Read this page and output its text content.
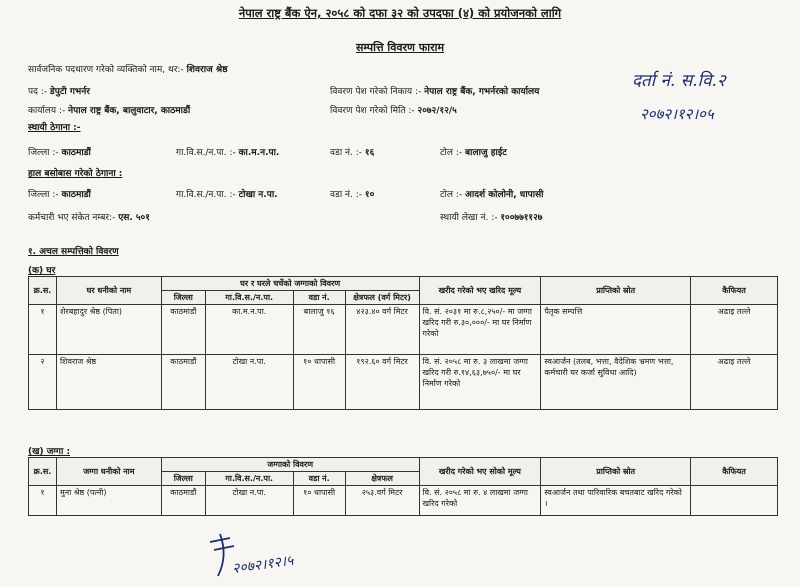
नेपाल राष्ट्र बैंक ऐन, २०५८ को दफा ३२ को उपदफा (४) को प्रयोजनको लागि
सम्पत्ति विवरण फाराम
सार्वजनिक पदधारण गरेको व्यक्तिको नाम, थर:- शिवराज श्रेष्ठ
पद :- डेपुटी गभर्नर	विवरण पेश गरेको निकाय :- नेपाल राष्ट्र बैंक, गभर्नरको कार्यालय
कार्यालय :- नेपाल राष्ट्र बैंक, बालुवाटार, काठमाडौं	विवरण पेश गरेको मिति :- २०७२/१२/५
दर्ता नं. स.वि.२
२०७२।१२।०५
स्थायी ठेगाना :-
जिल्ला :- काठमाडौं	गा.वि.स./न.पा. :- का.म.न.पा.	वडा नं. :- १६	टोल :- बालाजु हाईट
हाल बसोबास गरेको ठेगाना :
जिल्ला :- काठमाडौं	गा.वि.स./न.पा. :- टोखा न.पा.	वडा नं. :- १०	टोल :- आदर्श कोलोनी, धापासी
कर्मचारी भए संकेत नम्बर:- एस. ५०१	स्थायी लेखा नं. :- १००७७११२७
१. अचल सम्पत्तिको विवरण
(क) घर
क्र.स.	घर धनीको नाम	घर र घरले चर्चेको जग्गाको विवरण				खरीद गरेको भए खरिद मूल्य	प्राप्तिको स्रोत	कैफियत
		जिल्ला	गा.वि.स./न.पा.	वडा नं.	क्षेत्रफल (वर्ग मिटर)			
१	शेरबहादुर श्रेष्ठ (पिता)	काठमाडौं	का.म.न.पा.	बालाजु १६	४२३.४० वर्ग मिटर	वि. सं. २०३१ मा रु.८,२५०/- मा जग्गा खरिद गरी रु.३०,०००/- मा घर निर्माण गरेको	पैतृक सम्पत्ति	अढाइ तल्ले
२	शिवराज श्रेष्ठ	काठमाडौं	टोखा न.पा.	१० धापासी	१९२.६० वर्ग मिटर	वि. सं. २०५८ मा रु. ३ लाखमा जग्गा खरिद गरी रु.१४,६३,७५०/- मा घर निर्माण गरेको	स्वआर्जन (तलब, भत्ता, वैदेशिक भ्रमण भत्ता, कर्मचारी घर कर्जा सुविधा आदि)	अढाइ तल्ले
(ख) जग्गा :
क्र.स.	जग्गा धनीको नाम	जग्गाको विवरण				खरीद गरेको भए सोको मूल्य	प्राप्तिको स्रोत	कैफियत
		जिल्ला	गा.वि.स./न.पा.	वडा नं.	क्षेत्रफल			
१	मुना श्रेष्ठ (पत्नी)	काठमाडौं	टोखा न.पा.	१० धापासी	२५३.वर्ग मिटर	वि. सं. २०५८ मा रु. ४ लाखमा जग्गा खरिद गरेको	स्वआर्जन तथा पारिवारिक बचतबाट खरिद गरेको ।	
२०७२।१२।५
